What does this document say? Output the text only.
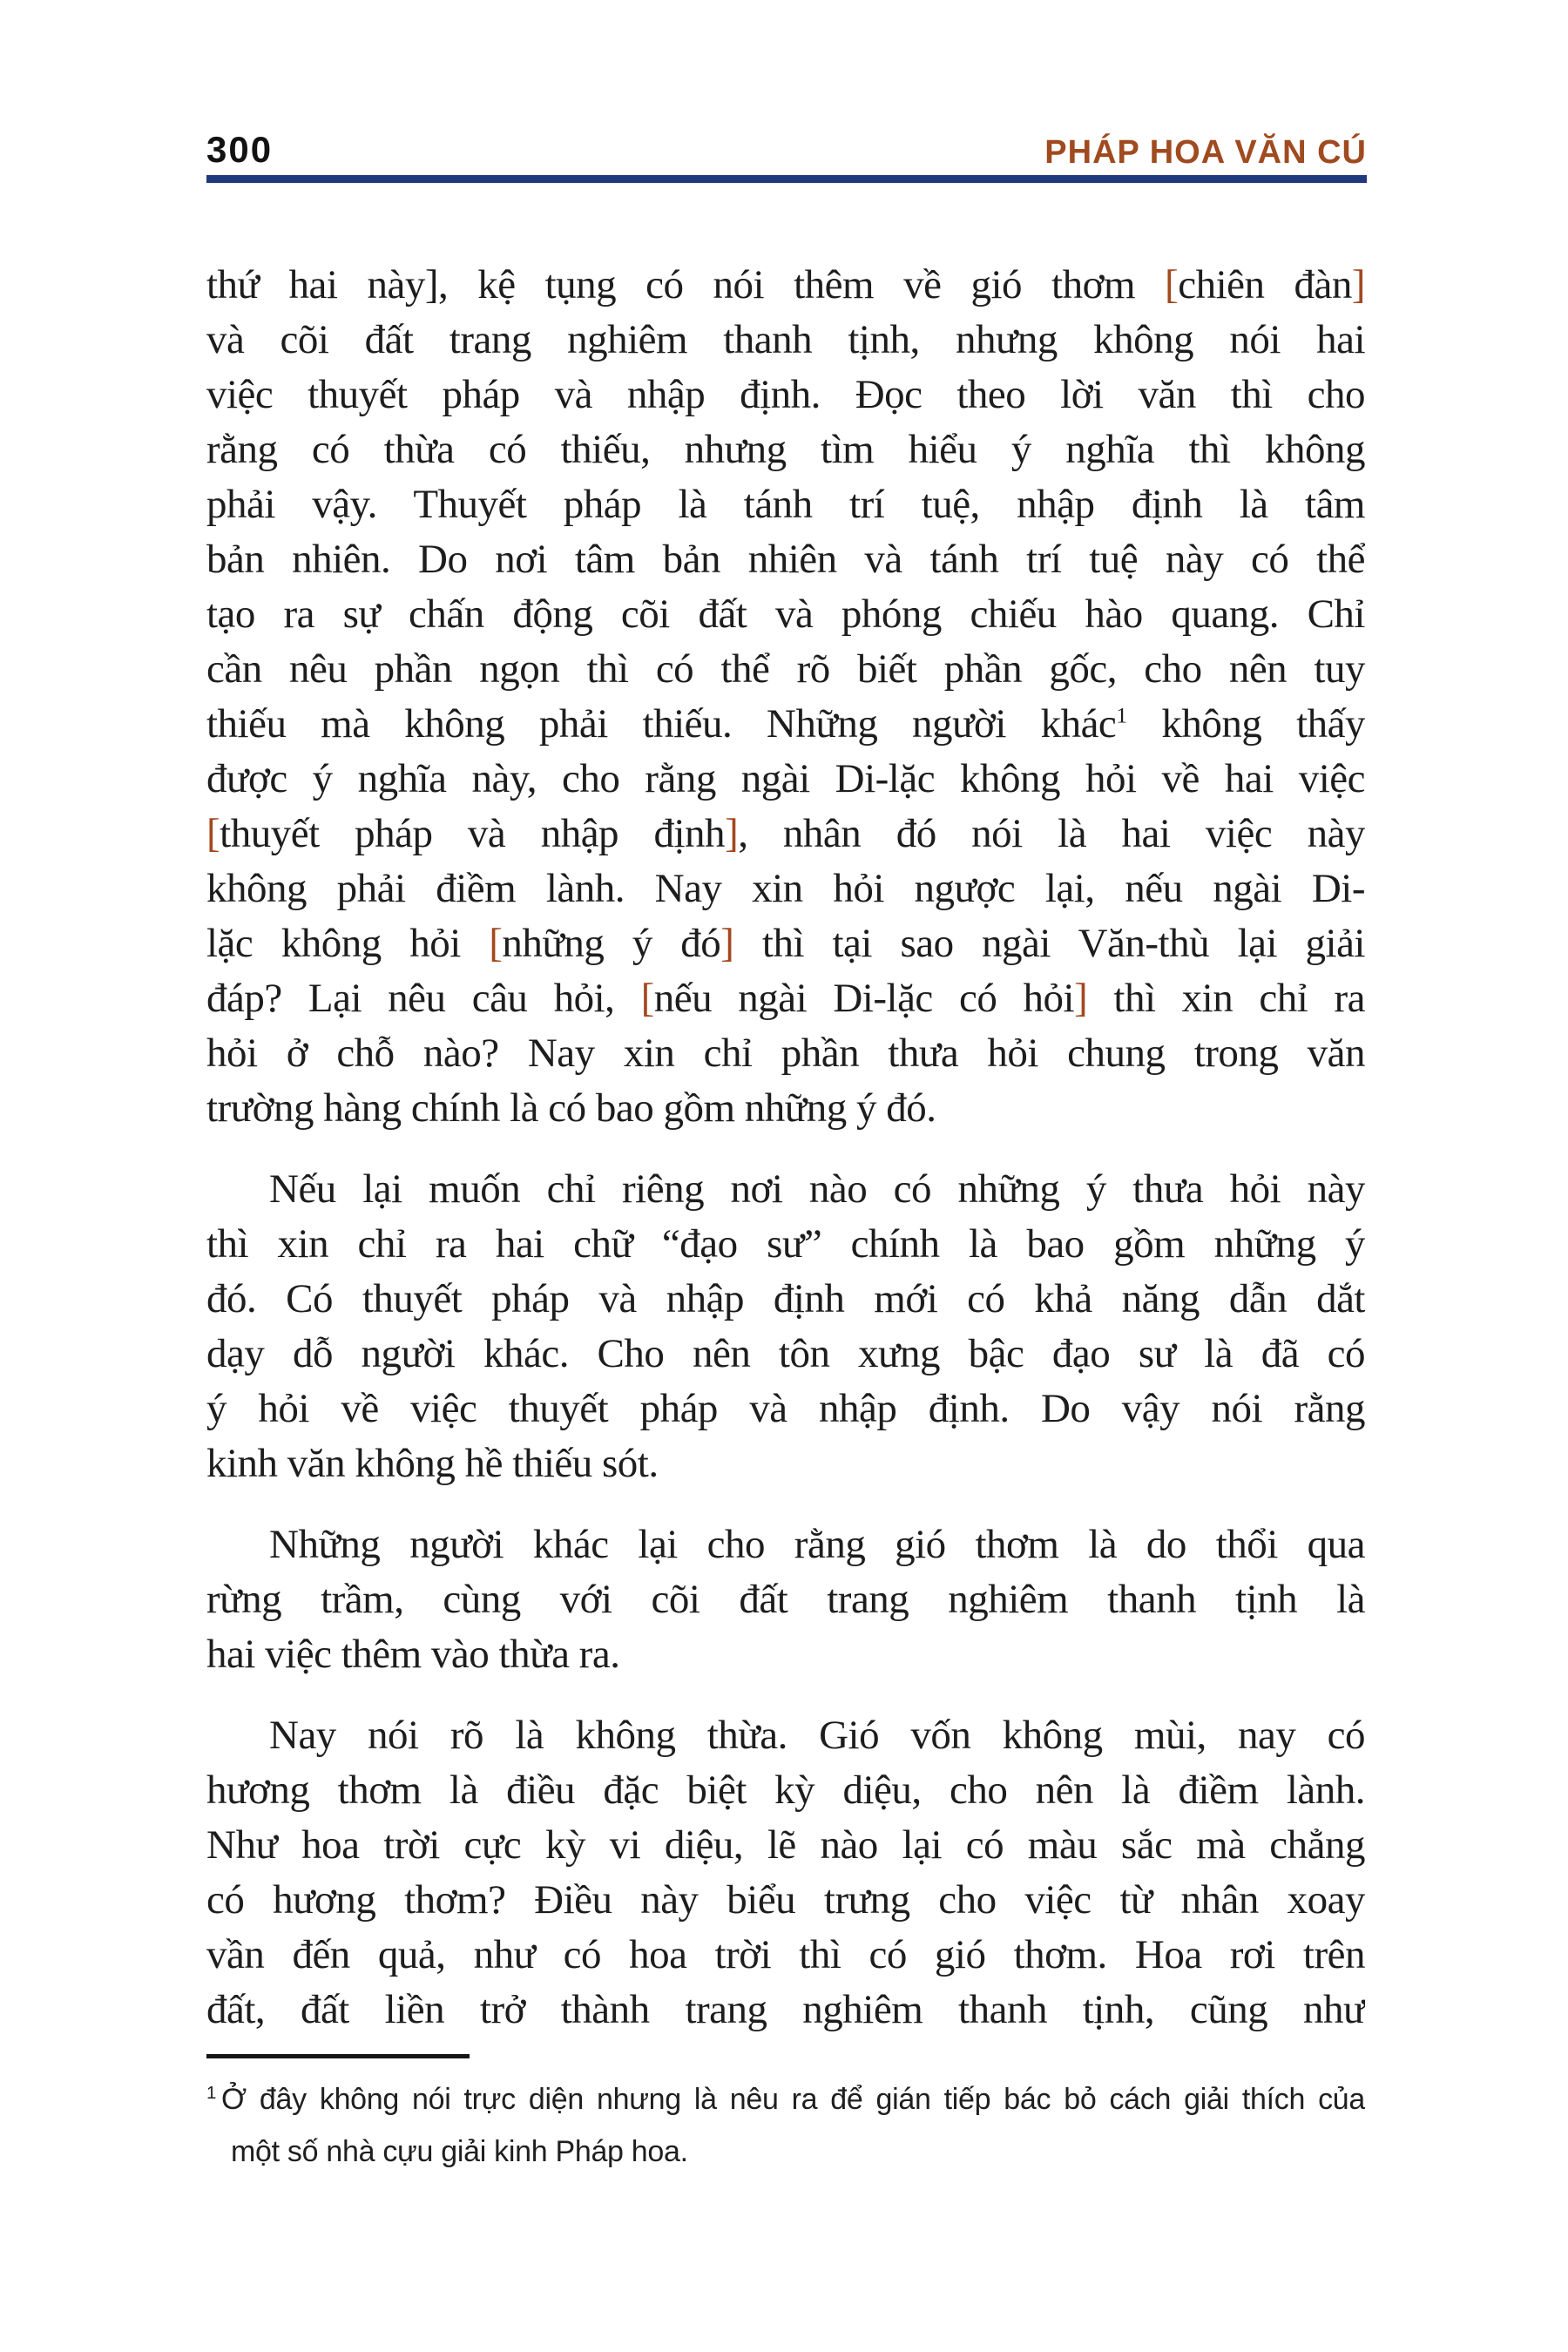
300	PHÁP HOA VĂN CÚ
thứ hai này], kệ tụng có nói thêm về gió thơm [chiên đàn]
và cõi đất trang nghiêm thanh tịnh, nhưng không nói hai
việc thuyết pháp và nhập định. Đọc theo lời văn thì cho
rằng có thừa có thiếu, nhưng tìm hiểu ý nghĩa thì không
phải vậy. Thuyết pháp là tánh trí tuệ, nhập định là tâm
bản nhiên. Do nơi tâm bản nhiên và tánh trí tuệ này có thể
tạo ra sự chấn động cõi đất và phóng chiếu hào quang. Chỉ
cần nêu phần ngọn thì có thể rõ biết phần gốc, cho nên tuy
thiếu mà không phải thiếu. Những người khác$^1$ không thấy
được ý nghĩa này, cho rằng ngài Di-lặc không hỏi về hai việc
[thuyết pháp và nhập định], nhân đó nói là hai việc này
không phải điềm lành. Nay xin hỏi ngược lại, nếu ngài Di-
lặc không hỏi [những ý đó] thì tại sao ngài Văn-thù lại giải
đáp? Lại nêu câu hỏi, [nếu ngài Di-lặc có hỏi] thì xin chỉ ra
hỏi ở chỗ nào? Nay xin chỉ phần thưa hỏi chung trong văn
trường hàng chính là có bao gồm những ý đó.
Nếu lại muốn chỉ riêng nơi nào có những ý thưa hỏi này
thì xin chỉ ra hai chữ “đạo sư” chính là bao gồm những ý
đó. Có thuyết pháp và nhập định mới có khả năng dẫn dắt
dạy dỗ người khác. Cho nên tôn xưng bậc đạo sư là đã có
ý hỏi về việc thuyết pháp và nhập định. Do vậy nói rằng
kinh văn không hề thiếu sót.
Những người khác lại cho rằng gió thơm là do thổi qua
rừng trầm, cùng với cõi đất trang nghiêm thanh tịnh là
hai việc thêm vào thừa ra.
Nay nói rõ là không thừa. Gió vốn không mùi, nay có
hương thơm là điều đặc biệt kỳ diệu, cho nên là điềm lành.
Như hoa trời cực kỳ vi diệu, lẽ nào lại có màu sắc mà chẳng
có hương thơm? Điều này biểu trưng cho việc từ nhân xoay
vần đến quả, như có hoa trời thì có gió thơm. Hoa rơi trên
đất, đất liền trở thành trang nghiêm thanh tịnh, cũng như
$^1$ Ở đây không nói trực diện nhưng là nêu ra để gián tiếp bác bỏ cách giải thích của
một số nhà cựu giải kinh Pháp hoa.
